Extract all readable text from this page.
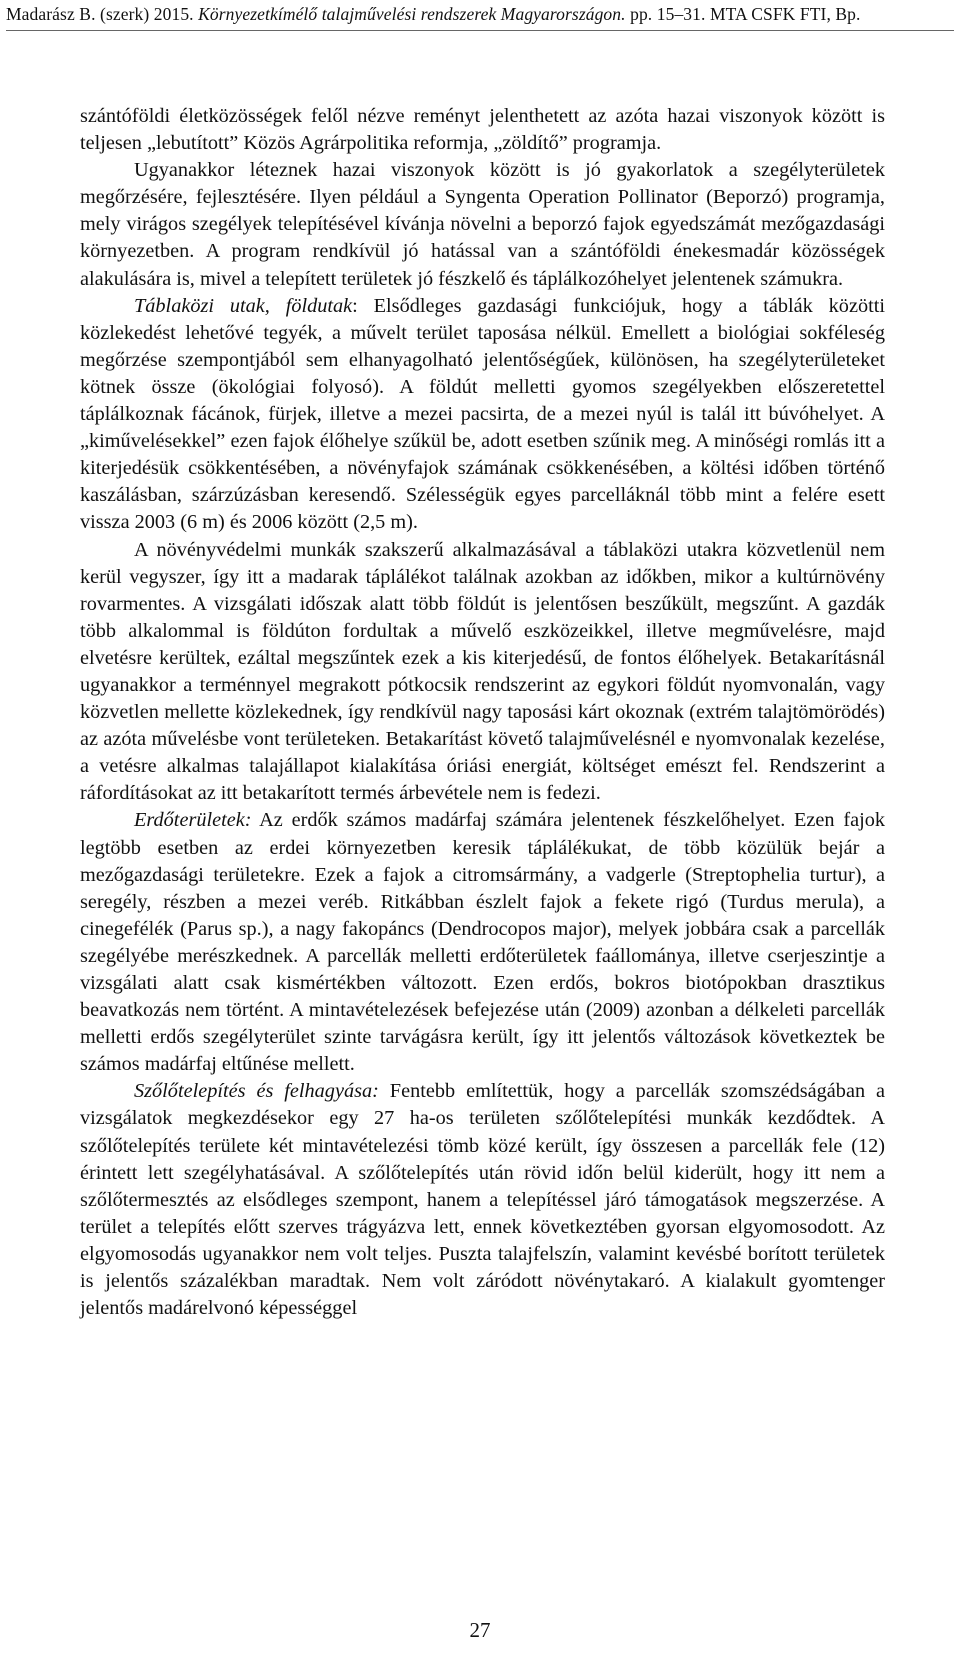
Madarász B. (szerk) 2015. Környezetkímélő talajművelési rendszerek Magyarországon. pp. 15–31. MTA CSFK FTI, Bp.

szántóföldi életközösségek felől nézve reményt jelenthetett az azóta hazai viszonyok között is teljesen „lebutított” Közös Agrárpolitika reformja, „zöldítő” programja.

Ugyanakkor léteznek hazai viszonyok között is jó gyakorlatok a szegélyterületek megőrzésére, fejlesztésére. Ilyen például a Syngenta Operation Pollinator (Beporzó) programja, mely virágos szegélyek telepítésével kívánja növelni a beporzó fajok egyedszámát mezőgazdasági környezetben. A program rendkívül jó hatással van a szántóföldi énekesmadár közösségek alakulására is, mivel a telepített területek jó fészkelő és táplálkozóhelyet jelentenek számukra.

Táblaközi utak, földutak: Elsődleges gazdasági funkciójuk, hogy a táblák közötti közlekedést lehetővé tegyék, a művelt terület taposása nélkül. Emellett a biológiai sokféleség megőrzése szempontjából sem elhanyagolható jelentőségűek, különösen, ha szegélyterületeket kötnek össze (ökológiai folyosó). A földút melletti gyomos szegélyekben előszeretettel táplálkoznak fácánok, fürjek, illetve a mezei pacsirta, de a mezei nyúl is talál itt búvóhelyet. A „kiművelésekkel” ezen fajok élőhelye szűkül be, adott esetben szűnik meg. A minőségi romlás itt a kiterjedésük csökkentésében, a növényfajok számának csökkenésében, a költési időben történő kaszálásban, szárzúzásban keresendő. Szélességük egyes parcelláknál több mint a felére esett vissza 2003 (6 m) és 2006 között (2,5 m).

A növényvédelmi munkák szakszerű alkalmazásával a táblaközi utakra közvetlenül nem kerül vegyszer, így itt a madarak táplálékot találnak azokban az időkben, mikor a kultúrnövény rovarmentes. A vizsgálati időszak alatt több földút is jelentősen beszűkült, megszűnt. A gazdák több alkalommal is földúton fordultak a művelő eszközeikkel, illetve megművelésre, majd elvetésre kerültek, ezáltal megszűntek ezek a kis kiterjedésű, de fontos élőhelyek. Betakarításnál ugyanakkor a terménnyel megrakott pótkocsik rendszerint az egykori földút nyomvonalán, vagy közvetlen mellette közlekednek, így rendkívül nagy taposási kárt okoznak (extrém talajtömörödés) az azóta művelésbe vont területeken. Betakarítást követő talajművelésnél e nyomvonalak kezelése, a vetésre alkalmas talajállapot kialakítása óriási energiát, költséget emészt fel. Rendszerint a ráfordításokat az itt betakarított termés árbevétele nem is fedezi.

Erdőterületek: Az erdők számos madárfaj számára jelentenek fészkelőhelyet. Ezen fajok legtöbb esetben az erdei környezetben keresik táplálékukat, de több közülük bejár a mezőgazdasági területekre. Ezek a fajok a citromsármány, a vadgerle (Streptophelia turtur), a seregély, részben a mezei veréb. Ritkábban észlelt fajok a fekete rigó (Turdus merula), a cinegefélék (Parus sp.), a nagy fakopáncs (Dendrocopos major), melyek jobbára csak a parcellák szegélyébe merészkednek. A parcellák melletti erdőterületek faállománya, illetve cserjeszintje a vizsgálati alatt csak kismértékben változott. Ezen erdős, bokros biotópokban drasztikus beavatkozás nem történt. A mintavételezések befejezése után (2009) azonban a délkeleti parcellák melletti erdős szegélyterület szinte tarvágásra került, így itt jelentős változások következtek be számos madárfaj eltűnése mellett.

Szőlőtelepítés és felhagyása: Fentebb említettük, hogy a parcellák szomszédságában a vizsgálatok megkezdésekor egy 27 ha-os területen szőlőtelepítési munkák kezdődtek. A szőlőtelepítés területe két mintavételezési tömb közé került, így összesen a parcellák fele (12) érintett lett szegélyhatásával. A szőlőtelepítés után rövid időn belül kiderült, hogy itt nem a szőlőtermesztés az elsődleges szempont, hanem a telepítéssel járó támogatások megszerzése. A terület a telepítés előtt szerves trágyázva lett, ennek következtében gyorsan elgyomosodott. Az elgyomosodás ugyanakkor nem volt teljes. Puszta talajfelszín, valamint kevésbé borított területek is jelentős százalékban maradtak. Nem volt záródott növénytakaró. A kialakult gyomtenger jelentős madárelvonó képességgel

27
